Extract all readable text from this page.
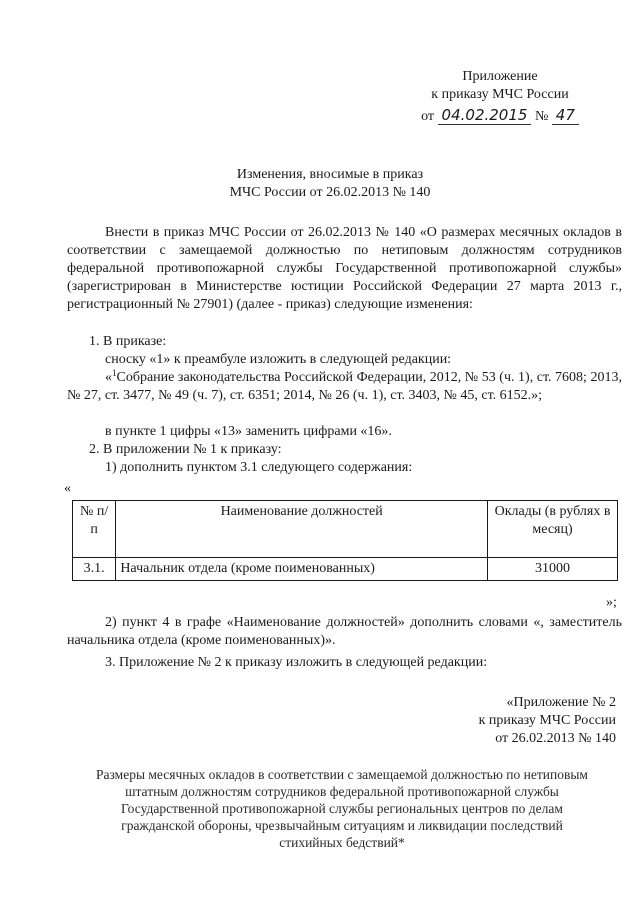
Приложение
к приказу МЧС России
от 04.02.2015 № 47
Изменения, вносимые в приказ
МЧС России от 26.02.2013 № 140
Внести в приказ МЧС России от 26.02.2013 № 140 «О размерах месячных окладов в соответствии с замещаемой должностью по нетиповым должностям сотрудников федеральной противопожарной службы Государственной противопожарной службы» (зарегистрирован в Министерстве юстиции Российской Федерации 27 марта 2013 г., регистрационный № 27901) (далее - приказ) следующие изменения:
1. В приказе:
сноску «1» к преамбуле изложить в следующей редакции:
«$^1$Собрание законодательства Российской Федерации, 2012, № 53 (ч. 1), ст. 7608; 2013, № 27, ст. 3477, № 49 (ч. 7), ст. 6351; 2014, № 26 (ч. 1), ст. 3403, № 45, ст. 6152.»;
в пункте 1 цифры «13» заменить цифрами «16».
2. В приложении № 1 к приказу:
1) дополнить пунктом 3.1 следующего содержания:
«
№ п/п	Наименование должностей	Оклады (в рублях в месяц)
3.1.	Начальник отдела (кроме поименованных)	31000
»;
2) пункт 4 в графе «Наименование должностей» дополнить словами «, заместитель начальника отдела (кроме поименованных)».
3. Приложение № 2 к приказу изложить в следующей редакции:
«Приложение № 2
к приказу МЧС России
от 26.02.2013 № 140
Размеры месячных окладов в соответствии с замещаемой должностью по нетиповым штатным должностям сотрудников федеральной противопожарной службы Государственной противопожарной службы региональных центров по делам гражданской обороны, чрезвычайным ситуациям и ликвидации последствий стихийных бедствий*
